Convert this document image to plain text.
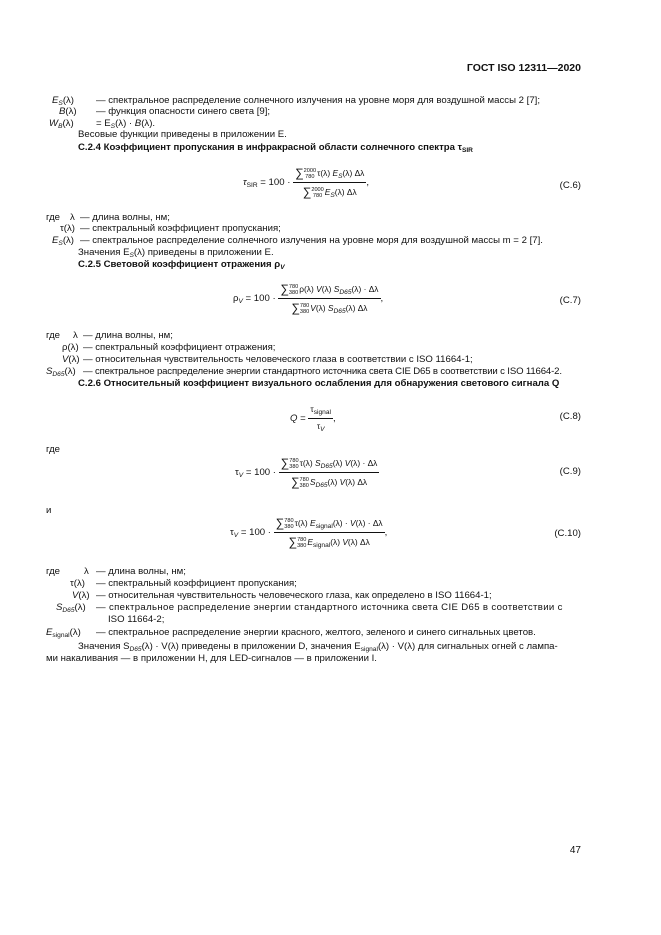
ГОСТ ISO 12311—2020
$E_S(\lambda)$ — спектральное распределение солнечного излучения на уровне моря для воздушной массы 2 [7];
B(λ) — функция опасности синего света [9];
$W_B(\lambda) = E_S(\lambda) \cdot B(\lambda)$.
Весовые функции приведены в приложении Е.
С.2.4 Коэффициент пропускания в инфракрасной области солнечного спектра $\tau_{SIR}$
$\tau_{SIR} = 100$ · ∑ 2000
780 τ(λ) $E_S(\lambda)$ Δλ
∑ 2000
780 $E_S(\lambda)$ Δλ ,	(С.6)
где λ — длина волны, нм;
τ(λ) — спектральный коэффициент пропускания;
$E_S(\lambda)$ — спектральное распределение солнечного излучения на уровне моря для воздушной массы m = 2 [7].
Значения $E_S(\lambda)$ приведены в приложении Е.
С.2.5 Световой коэффициент отражения $\rho_V$
$\rho_V = 100$ · ∑ 780
380 ρ(λ) V(λ) $S_{D65}(\lambda) \cdot \Delta\lambda$
∑ 780
380 V(λ) $S_{D65}(\lambda)$ Δλ ,	(С.7)
где λ — длина волны, нм;
ρ(λ) — спектральный коэффициент отражения;
V(λ) — относительная чувствительность человеческого глаза в соответствии с ISO 11664-1;
$S_{D65}(\lambda)$ — спектральное распределение энергии стандартного источника света CIE D65 в соответствии с ISO 11664-2.
С.2.6 Относительный коэффициент визуального ослабления для обнаружения светового сигнала Q
$Q = \frac{\tau_{signal}}{\tau_V}$ ,	(С.8)
где
$\tau_V = 100$ · ∑ 780
380 τ(λ) $S_{D65}(\lambda) V(\lambda) \cdot \Delta\lambda$
∑ 780
380 $S_{D65}(\lambda)$ V(λ) Δλ	(С.9)
и
$\tau_V = 100$ · ∑ 780
380 τ(λ) $E_{signal}(\lambda) \cdot V(\lambda) \cdot \Delta\lambda$
∑ 780
380 $E_{signal}(\lambda)$ V(λ) Δλ ,	(С.10)
где λ — длина волны, нм;
τ(λ) — спектральный коэффициент пропускания;
V(λ) — относительная чувствительность человеческого глаза, как определено в ISO 11664-1;
$S_{D65}(\lambda)$ — спектральное распределение энергии стандартного источника света CIE D65 в соответствии с
ISO 11664-2;
$E_{signal}(\lambda)$ — спектральное распределение энергии красного, желтого, зеленого и синего сигнальных цветов.
Значения $S_{D65}(\lambda) \cdot V(\lambda)$ приведены в приложении D, значения $E_{signal}(\lambda) \cdot V(\lambda)$ для сигнальных огней с лампа-
ми накаливания — в приложении Н, для LED-сигналов — в приложении I.
47
